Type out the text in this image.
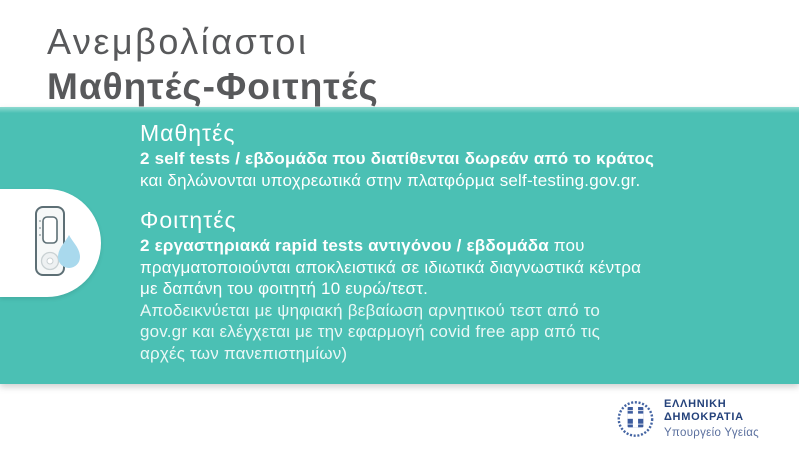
Ανεμβολίαστοι
Μαθητές-Φοιτητές
Μαθητές

2 self tests / εβδομάδα που διατίθενται δωρεάν από το κράτος

και δηλώνονται υποχρεωτικά στην πλατφόρμα self-testing.gov.gr.

Φοιτητές

2 εργαστηριακά rapid tests αντιγόνου / εβδομάδα που

πραγματοποιούνται αποκλειστικά σε ιδιωτικά διαγνωστικά κέντρα

με δαπάνη του φοιτητή 10 ευρώ/τεστ.

Αποδεικνύεται με ψηφιακή βεβαίωση αρνητικού τεστ από το

gov.gr και ελέγχεται με την εφαρμογή covid free app από τις

αρχές των πανεπιστημίων)

ΕΛΛΗΝΙΚΗ ΔΗΜΟΚΡΑΤΙΑ
Υπουργείο Υγείας
